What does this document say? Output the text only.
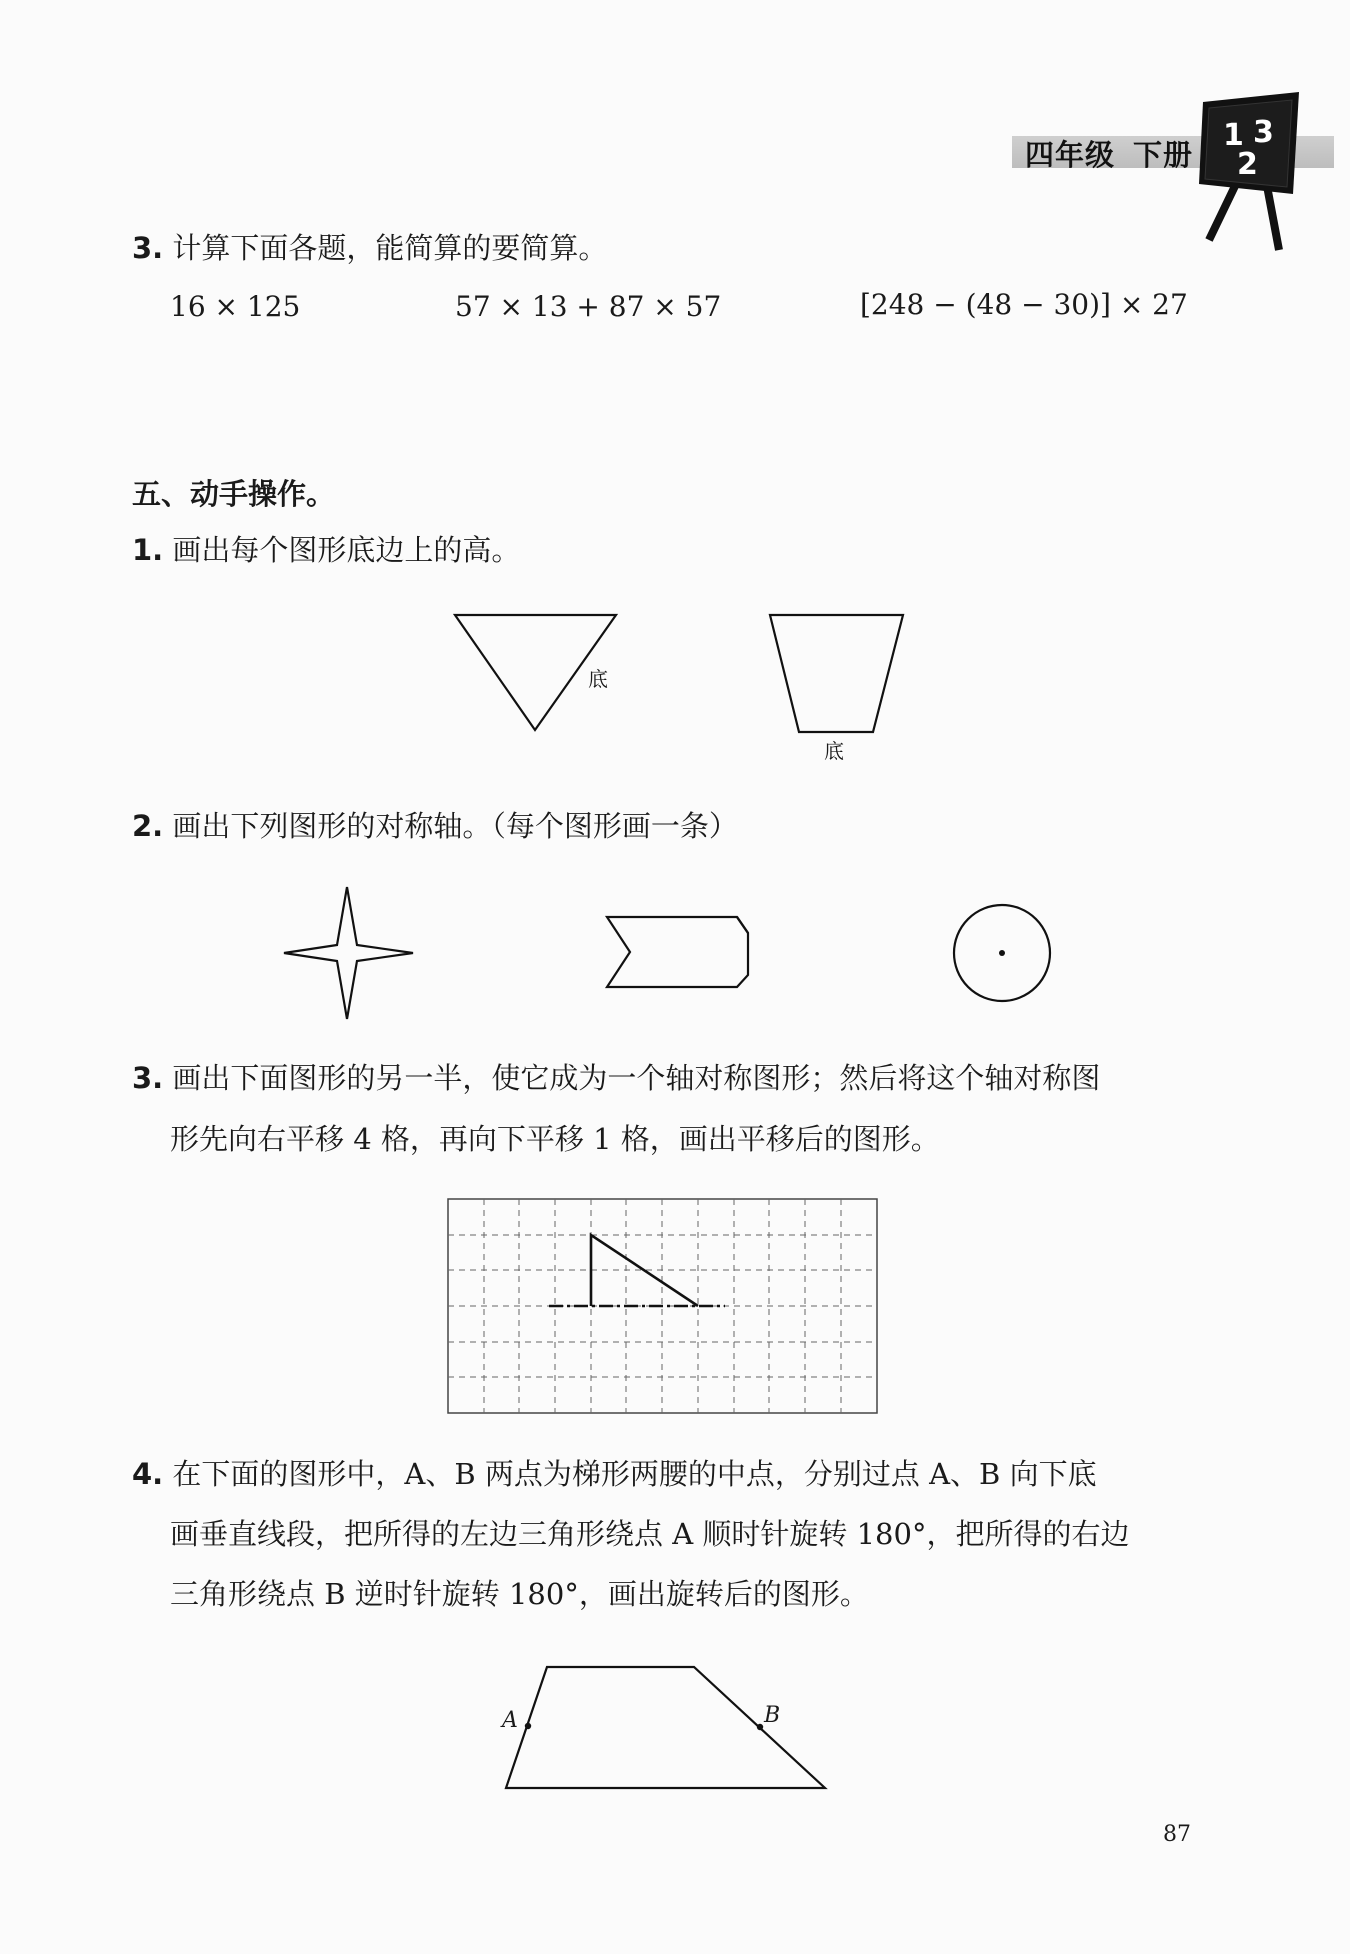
四年级 下册
1 3
2
3. 计算下面各题，能简算的要简算。
16 × 125	57 × 13 + 87 × 57	[248 − (48 − 30)] × 27
五、动手操作。
1. 画出每个图形底边上的高。
底
底
2. 画出下列图形的对称轴。（每个图形画一条）
3. 画出下面图形的另一半，使它成为一个轴对称图形；然后将这个轴对称图
形先向右平移 4 格，再向下平移 1 格，画出平移后的图形。
4. 在下面的图形中，A、B 两点为梯形两腰的中点，分别过点 A、B 向下底
画垂直线段，把所得的左边三角形绕点 A 顺时针旋转 180°，把所得的右边
三角形绕点 B 逆时针旋转 180°，画出旋转后的图形。
A	B
87
